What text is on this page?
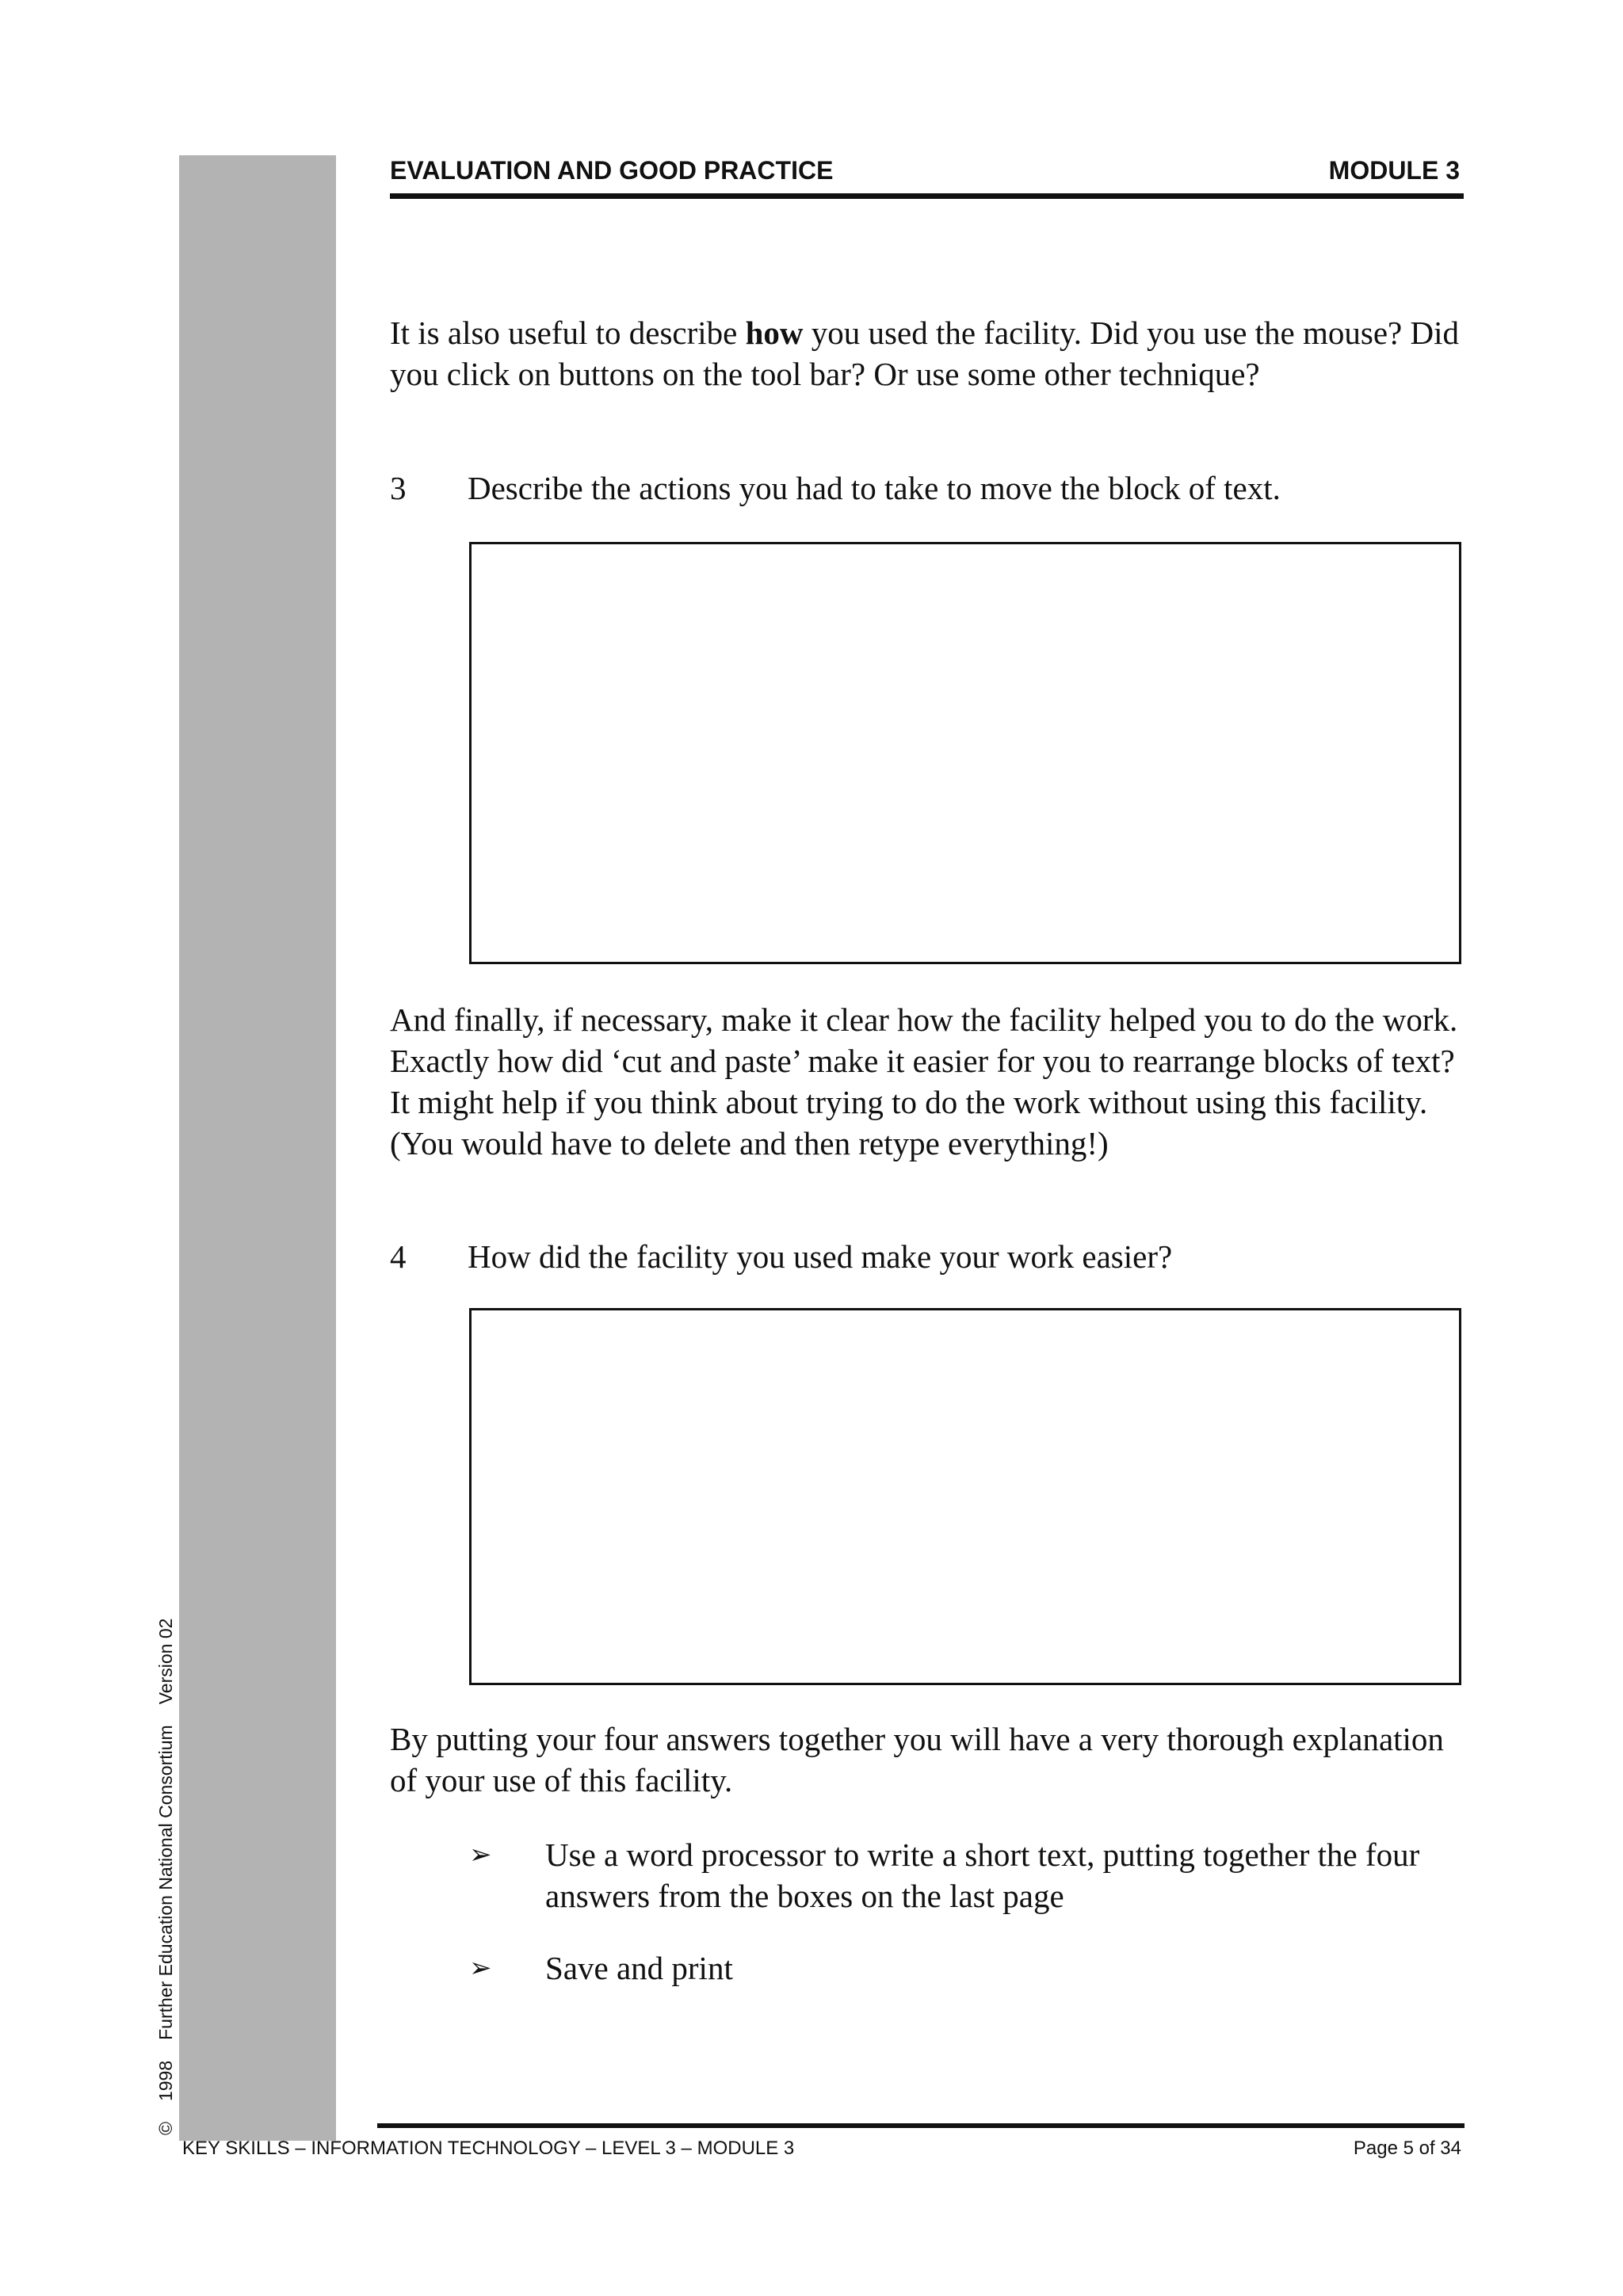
©1998Further Education National ConsortiumVersion 02
EVALUATION AND GOOD PRACTICE	MODULE 3

It is also useful to describe how you used the facility. Did you use the mouse? Did you click on buttons on the tool bar? Or use some other technique?

3 Describe the actions you had to take to move the block of text.

And finally, if necessary, make it clear how the facility helped you to do the work. Exactly how did ‘cut and paste’ make it easier for you to rearrange blocks of text? It might help if you think about trying to do the work without using this facility. (You would have to delete and then retype everything!)

4 How did the facility you used make your work easier?

By putting your four answers together you will have a very thorough explanation of your use of this facility.

➢ Use a word processor to write a short text, putting together the four answers from the boxes on the last page
➢ Save and print
KEY SKILLS – INFORMATION TECHNOLOGY – LEVEL 3 – MODULE 3	Page 5 of 34
